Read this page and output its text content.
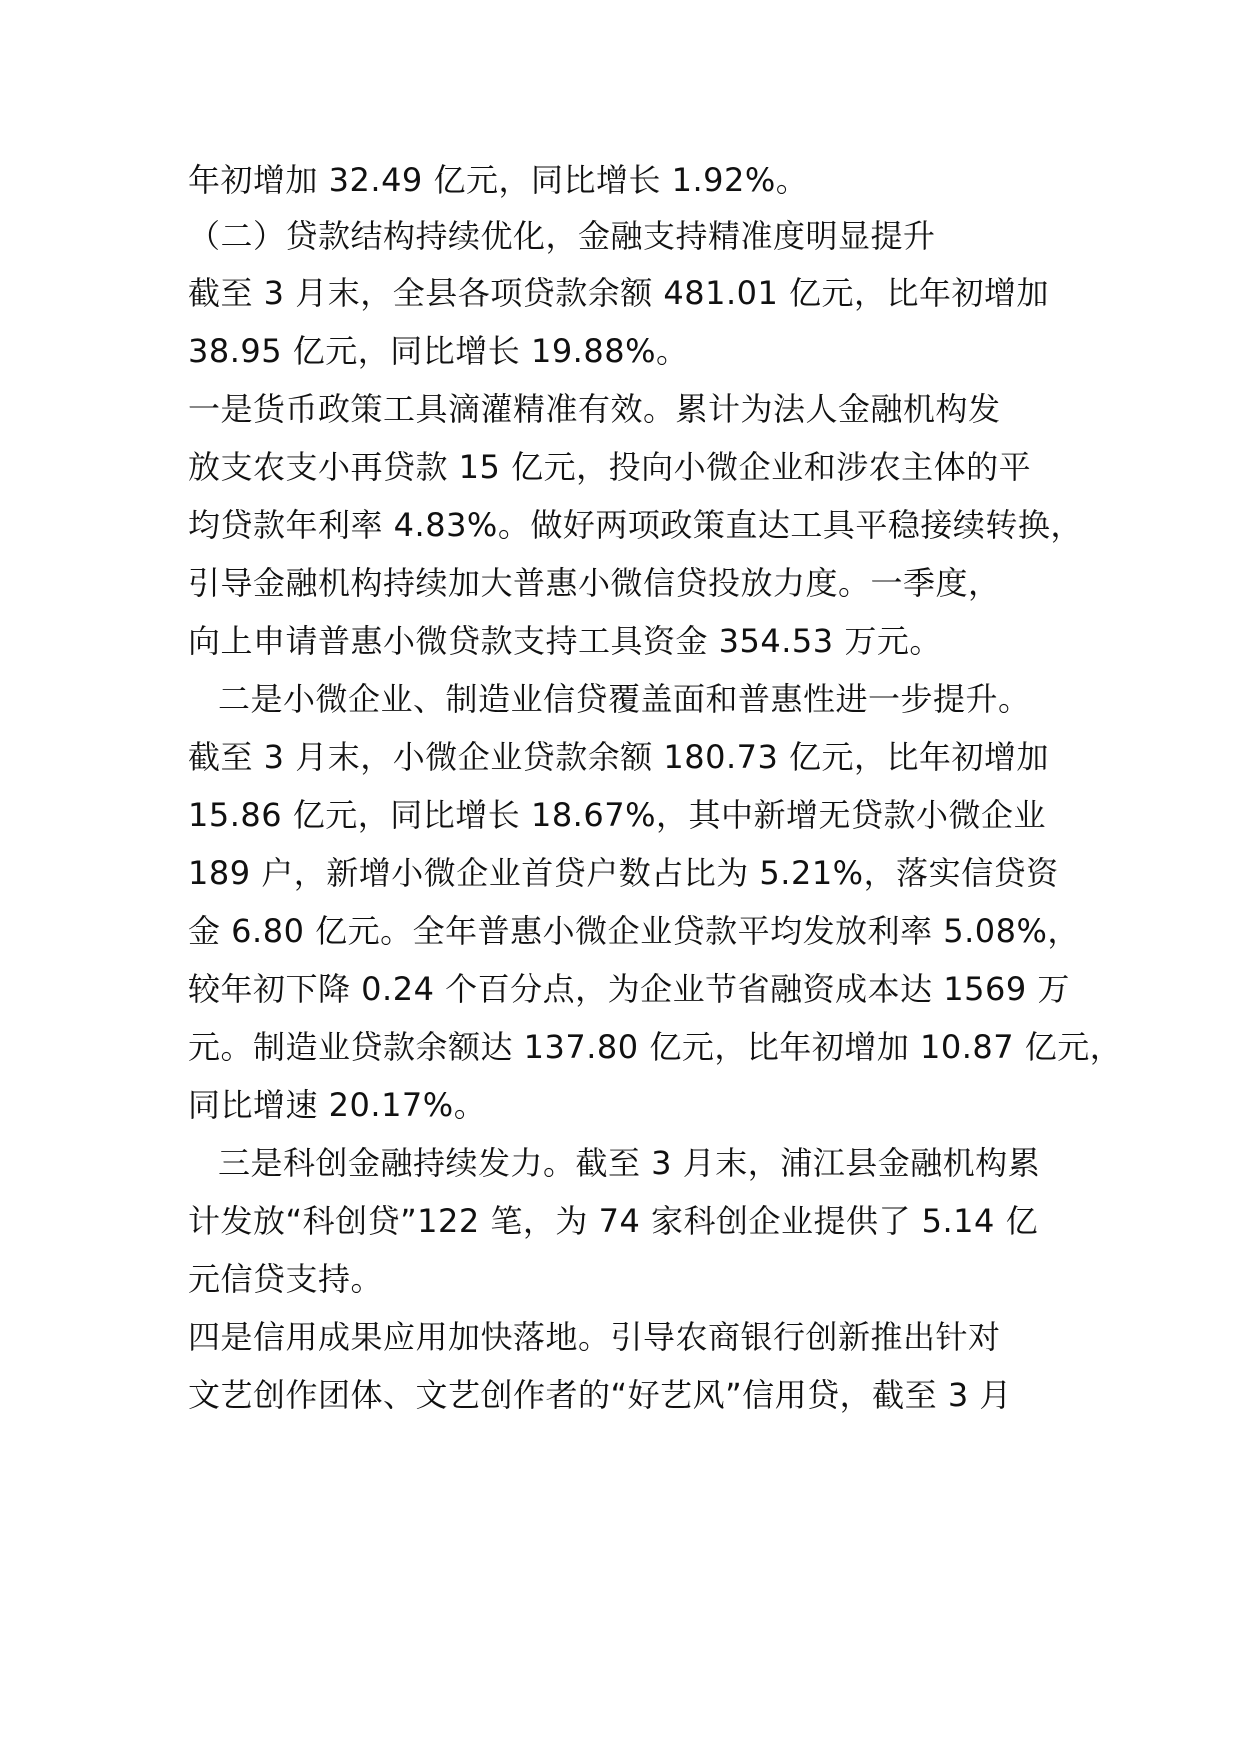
年初增加 32.49 亿元，同比增长 1.92%。
（二）贷款结构持续优化，金融支持精准度明显提升
截至 3 月末，全县各项贷款余额 481.01 亿元，比年初增加
38.95 亿元，同比增长 19.88%。
一是货币政策工具滴灌精准有效。累计为法人金融机构发
放支农支小再贷款 15 亿元，投向小微企业和涉农主体的平
均贷款年利率 4.83%。做好两项政策直达工具平稳接续转换，
引导金融机构持续加大普惠小微信贷投放力度。一季度，
向上申请普惠小微贷款支持工具资金 354.53 万元。
二是小微企业、制造业信贷覆盖面和普惠性进一步提升。
截至 3 月末，小微企业贷款余额 180.73 亿元，比年初增加
15.86 亿元，同比增长 18.67%，其中新增无贷款小微企业
189 户，新增小微企业首贷户数占比为 5.21%，落实信贷资
金 6.80 亿元。全年普惠小微企业贷款平均发放利率 5.08%，
较年初下降 0.24 个百分点，为企业节省融资成本达 1569 万
元。制造业贷款余额达 137.80 亿元，比年初增加 10.87 亿元，
同比增速 20.17%。
三是科创金融持续发力。截至 3 月末，浦江县金融机构累
计发放“科创贷”122 笔，为 74 家科创企业提供了 5.14 亿
元信贷支持。
四是信用成果应用加快落地。引导农商银行创新推出针对
文艺创作团体、文艺创作者的“好艺风”信用贷，截至 3 月
